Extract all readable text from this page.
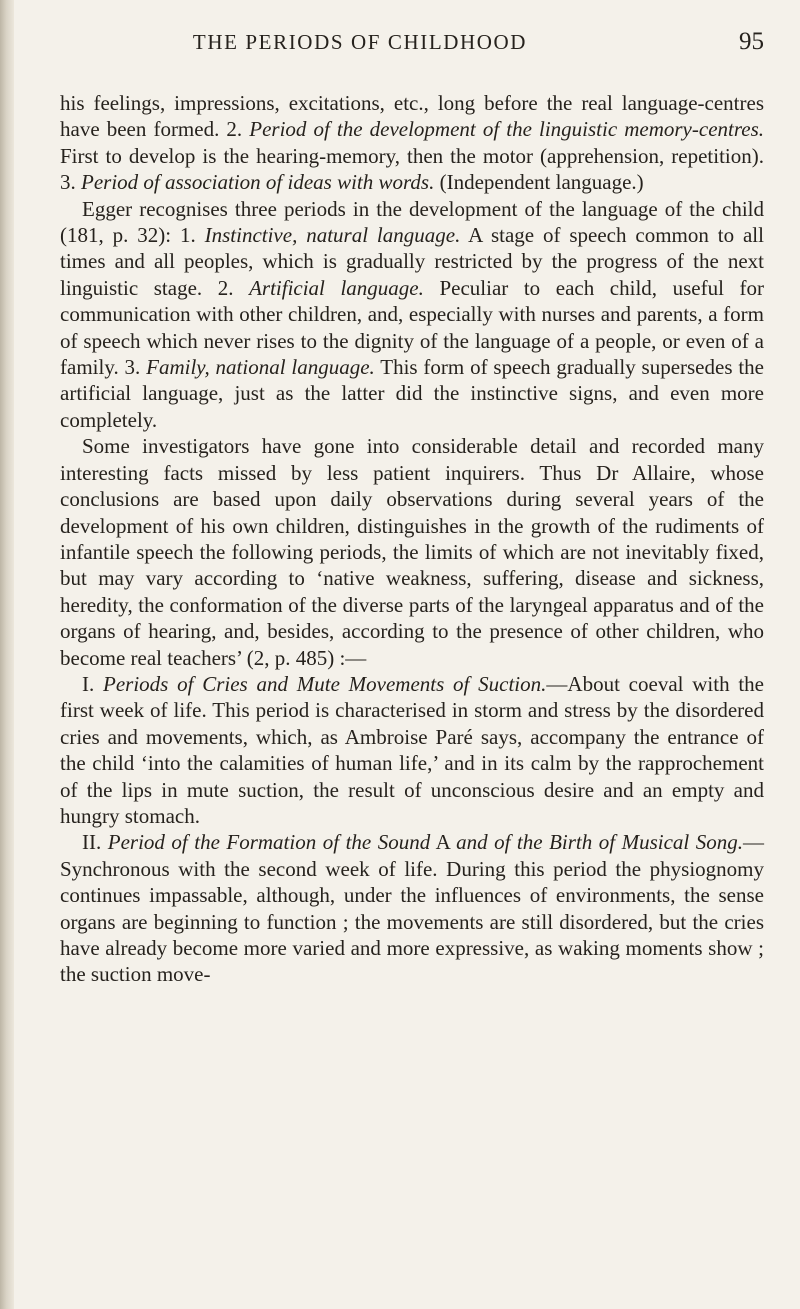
THE PERIODS OF CHILDHOOD	95

his feelings, impressions, excitations, etc., long before the real language-centres have been formed. 2. Period of the development of the linguistic memory-centres. First to develop is the hearing-memory, then the motor (apprehension, repetition). 3. Period of association of ideas with words. (Independent language.)

Egger recognises three periods in the development of the language of the child (181, p. 32): 1. Instinctive, natural language. A stage of speech common to all times and all peoples, which is gradually restricted by the progress of the next linguistic stage. 2. Artificial language. Peculiar to each child, useful for communication with other children, and, especially with nurses and parents, a form of speech which never rises to the dignity of the language of a people, or even of a family. 3. Family, national language. This form of speech gradually supersedes the artificial language, just as the latter did the instinctive signs, and even more completely.

Some investigators have gone into considerable detail and recorded many interesting facts missed by less patient inquirers. Thus Dr Allaire, whose conclusions are based upon daily observations during several years of the development of his own children, distinguishes in the growth of the rudiments of infantile speech the following periods, the limits of which are not inevitably fixed, but may vary according to ‘native weakness, suffering, disease and sickness, heredity, the conformation of the diverse parts of the laryngeal apparatus and of the organs of hearing, and, besides, according to the presence of other children, who become real teachers’ (2, p. 485) :—

I. Periods of Cries and Mute Movements of Suction.—About coeval with the first week of life. This period is characterised in storm and stress by the disordered cries and movements, which, as Ambroise Paré says, accompany the entrance of the child ‘into the calamities of human life,’ and in its calm by the rapprochement of the lips in mute suction, the result of unconscious desire and an empty and hungry stomach.

II. Period of the Formation of the Sound A and of the Birth of Musical Song.—Synchronous with the second week of life. During this period the physiognomy continues impassable, although, under the influences of environments, the sense organs are beginning to function ; the movements are still disordered, but the cries have already become more varied and more expressive, as waking moments show ; the suction move-
